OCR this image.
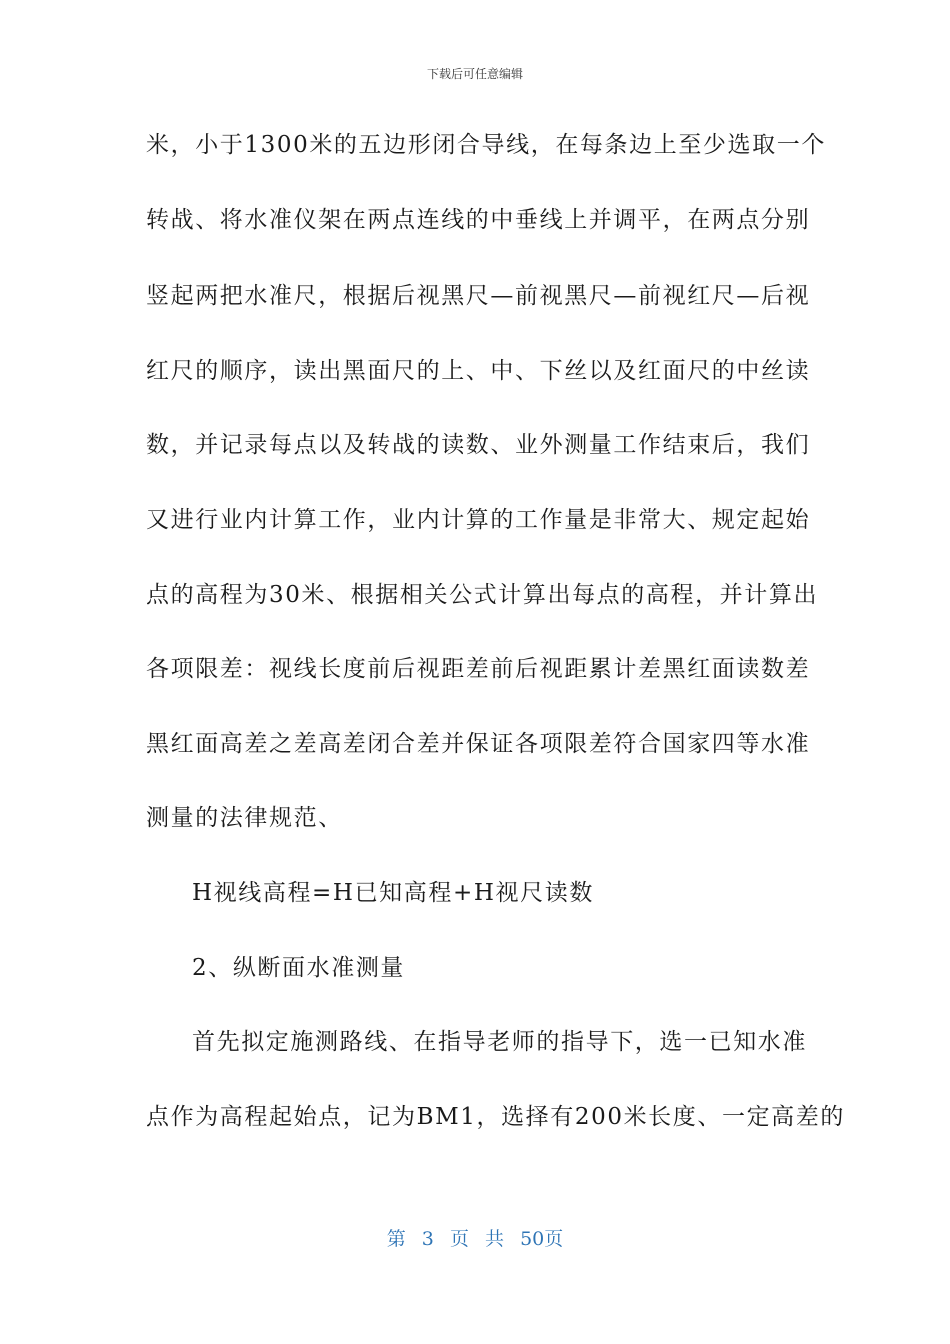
下载后可任意编辑
米，小于1300米的五边形闭合导线，在每条边上至少选取一个
转战、将水准仪架在两点连线的中垂线上并调平，在两点分别
竖起两把水准尺，根据后视黑尺—前视黑尺—前视红尺—后视
红尺的顺序，读出黑面尺的上、中、下丝以及红面尺的中丝读
数，并记录每点以及转战的读数、业外测量工作结束后，我们
又进行业内计算工作，业内计算的工作量是非常大、规定起始
点的高程为30米、根据相关公式计算出每点的高程，并计算出
各项限差：视线长度前后视距差前后视距累计差黑红面读数差
黑红面高差之差高差闭合差并保证各项限差符合国家四等水准
测量的法律规范、
H视线高程=H已知高程+H视尺读数
2、纵断面水准测量
首先拟定施测路线、在指导老师的指导下，选一已知水准
点作为高程起始点，记为BM1，选择有200米长度、一定高差的
第 3 页 共 50页
